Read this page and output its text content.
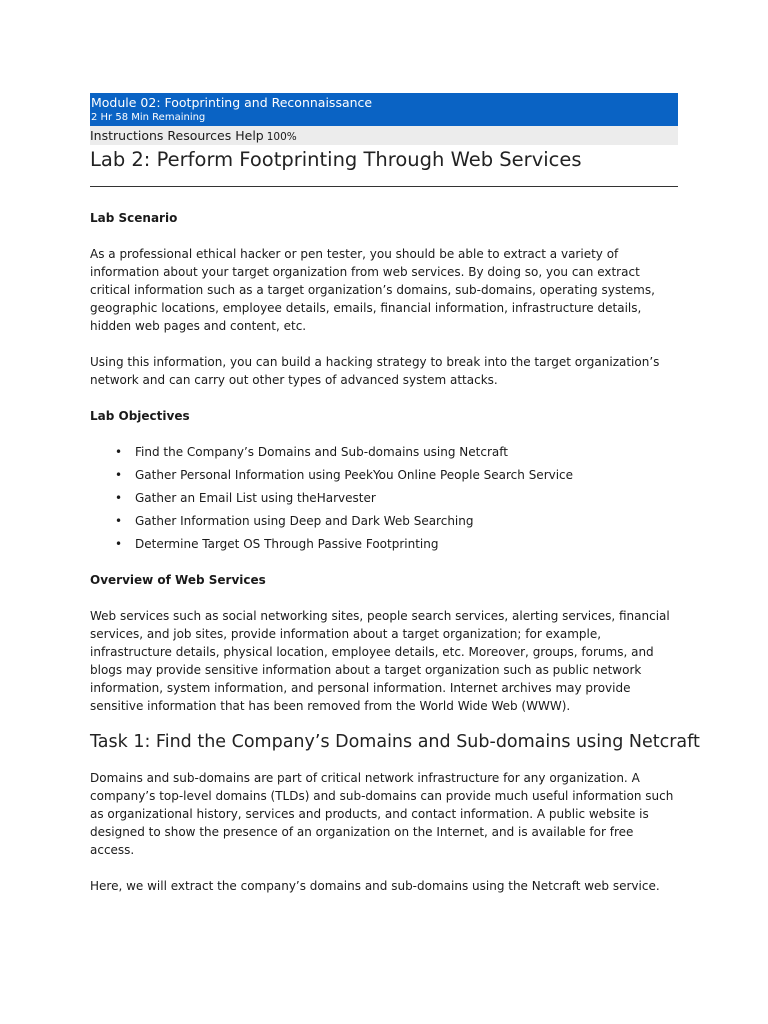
Module 02: Footprinting and Reconnaissance
2 Hr 58 Min Remaining
Instructions Resources Help 100%
Lab 2: Perform Footprinting Through Web Services
Lab Scenario

As a professional ethical hacker or pen tester, you should be able to extract a variety of information about your target organization from web services. By doing so, you can extract critical information such as a target organization’s domains, sub-domains, operating systems, geographic locations, employee details, emails, financial information, infrastructure details, hidden web pages and content, etc.

Using this information, you can build a hacking strategy to break into the target organization’s network and can carry out other types of advanced system attacks.

Lab Objectives
• Find the Company’s Domains and Sub-domains using Netcraft
• Gather Personal Information using PeekYou Online People Search Service
• Gather an Email List using theHarvester
• Gather Information using Deep and Dark Web Searching
• Determine Target OS Through Passive Footprinting
Overview of Web Services

Web services such as social networking sites, people search services, alerting services, financial services, and job sites, provide information about a target organization; for example, infrastructure details, physical location, employee details, etc. Moreover, groups, forums, and blogs may provide sensitive information about a target organization such as public network information, system information, and personal information. Internet archives may provide sensitive information that has been removed from the World Wide Web (WWW).

Task 1: Find the Company’s Domains and Sub-domains using Netcraft

Domains and sub-domains are part of critical network infrastructure for any organization. A company’s top-level domains (TLDs) and sub-domains can provide much useful information such as organizational history, services and products, and contact information. A public website is designed to show the presence of an organization on the Internet, and is available for free access.

Here, we will extract the company’s domains and sub-domains using the Netcraft web service.
